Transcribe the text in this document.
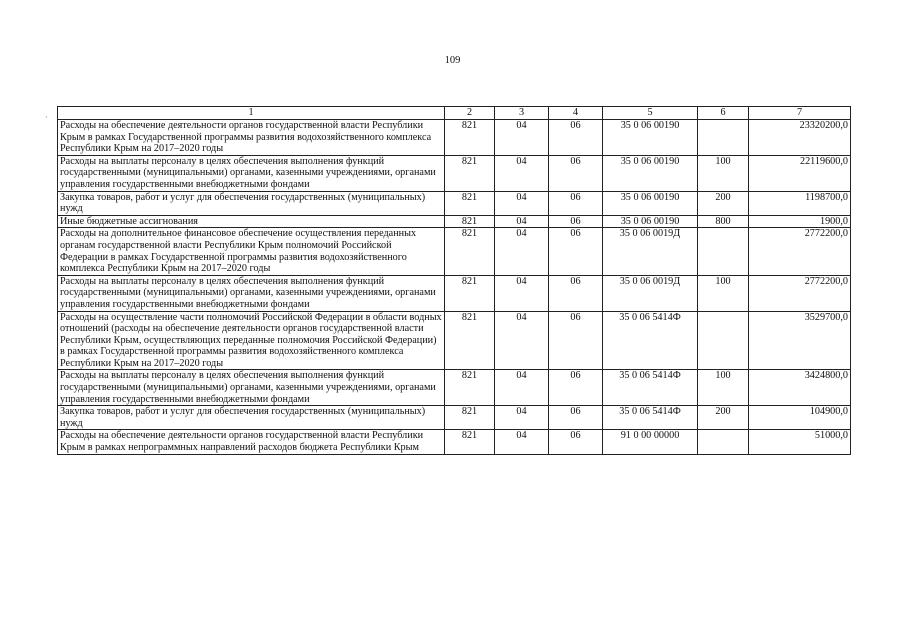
109
·	1	2	3	4	5	6	7
Расходы на обеспечение деятельности органов государственной власти Республики Крым в рамках Государственной программы развития водохозяйственного комплекса Республики Крым на 2017–2020 годы	821	04	06	35 0 06 00190		23320200,0
Расходы на выплаты персоналу в целях обеспечения выполнения функций государственными (муниципальными) органами, казенными учреждениями, органами управления государственными внебюджетными фондами	821	04	06	35 0 06 00190	100	22119600,0
Закупка товаров, работ и услуг для обеспечения государственных (муниципальных) нужд	821	04	06	35 0 06 00190	200	1198700,0
Иные бюджетные ассигнования	821	04	06	35 0 06 00190	800	1900,0
Расходы на дополнительное финансовое обеспечение осуществления переданных органам государственной власти Республики Крым полномочий Российской Федерации в рамках Государственной программы развития водохозяйственного комплекса Республики Крым на 2017–2020 годы	821	04	06	35 0 06 0019Д		2772200,0
Расходы на выплаты персоналу в целях обеспечения выполнения функций государственными (муниципальными) органами, казенными учреждениями, органами управления государственными внебюджетными фондами	821	04	06	35 0 06 0019Д	100	2772200,0
Расходы на осуществление части полномочий Российской Федерации в области водных отношений (расходы на обеспечение деятельности органов государственной власти Республики Крым, осуществляющих переданные полномочия Российской Федерации) в рамках Государственной программы развития водохозяйственного комплекса Республики Крым на 2017–2020 годы	821	04	06	35 0 06 5414Ф		3529700,0
Расходы на выплаты персоналу в целях обеспечения выполнения функций государственными (муниципальными) органами, казенными учреждениями, органами управления государственными внебюджетными фондами	821	04	06	35 0 06 5414Ф	100	3424800,0
Закупка товаров, работ и услуг для обеспечения государственных (муниципальных) нужд	821	04	06	35 0 06 5414Ф	200	104900,0
Расходы на обеспечение деятельности органов государственной власти Республики Крым в рамках непрограммных направлений расходов бюджета Республики Крым	821	04	06	91 0 00 00000		51000,0
